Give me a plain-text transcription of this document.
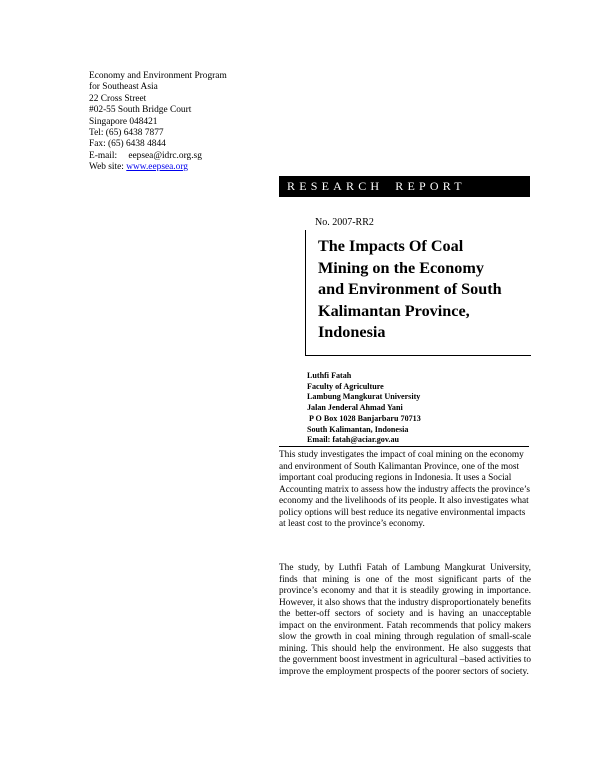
Economy and Environment Program
for Southeast Asia
22 Cross Street
#02-55 South Bridge Court
Singapore 048421
Tel: (65) 6438 7877
Fax: (65) 6438 4844
E-mail: eepsea@idrc.org.sg
Web site: www.eepsea.org
RESEARCH REPORT
No. 2007-RR2
The Impacts Of Coal
Mining on the Economy
and Environment of South
Kalimantan Province,
Indonesia
Luthfi Fatah
Faculty of Agriculture
Lambung Mangkurat University
Jalan Jenderal Ahmad Yani
P O Box 1028 Banjarbaru 70713
South Kalimantan, Indonesia
Email: fatah@aciar.gov.au
This study investigates the impact of coal mining on the economy and environment of South Kalimantan Province, one of the most important coal producing regions in Indonesia. It uses a Social Accounting matrix to assess how the industry affects the province’s economy and the livelihoods of its people. It also investigates what policy options will best reduce its negative environmental impacts at least cost to the province’s economy.
The study, by Luthfi Fatah of Lambung Mangkurat University, finds that mining is one of the most significant parts of the province’s economy and that it is steadily growing in importance. However, it also shows that the industry disproportionately benefits the better-off sectors of society and is having an unacceptable impact on the environment. Fatah recommends that policy makers slow the growth in coal mining through regulation of small-scale mining. This should help the environment. He also suggests that the government boost investment in agricultural –based activities to improve the employment prospects of the poorer sectors of society.
